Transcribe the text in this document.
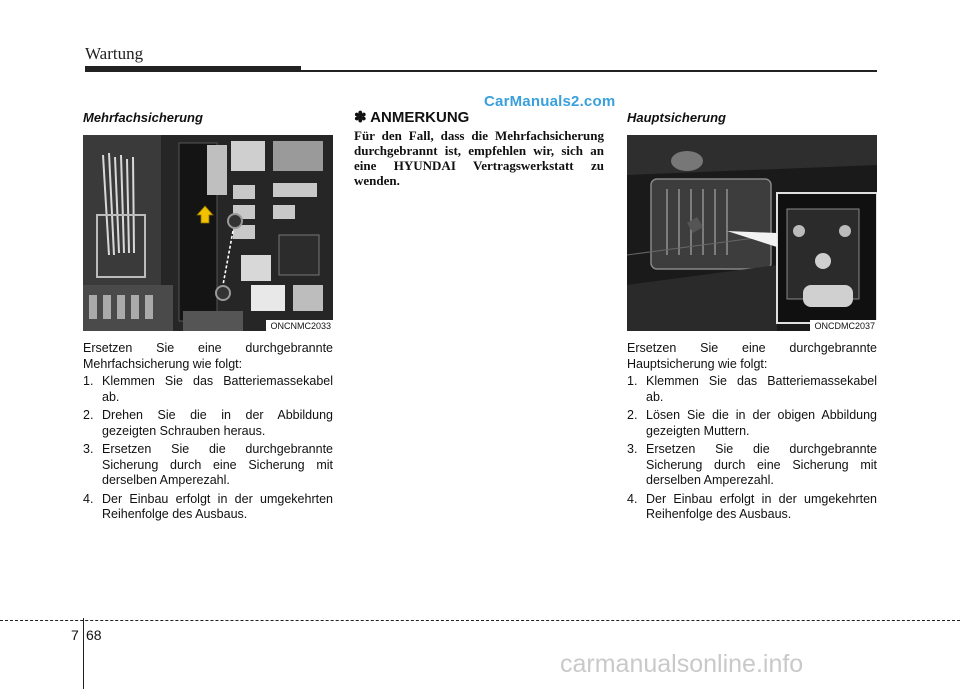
Wartung
CarManuals2.com
Mehrfachsicherung
ONCNMC2033

Ersetzen Sie eine durchgebrannte Mehrfachsicherung wie folgt:

1. Klemmen Sie das Batteriemassekabel ab.
2. Drehen Sie die in der Abbildung gezeigten Schrauben heraus.
3. Ersetzen Sie die durchgebrannte Sicherung durch eine Sicherung mit derselben Amperezahl.
4. Der Einbau erfolgt in der umgekehrten Reihenfolge des Ausbaus.
✽ ANMERKUNG

Für den Fall, dass die Mehrfachsicherung durchgebrannt ist, empfehlen wir, sich an eine HYUNDAI Vertragswerkstatt zu wenden.

Hauptsicherung
ONCDMC2037

Ersetzen Sie eine durchgebrannte Hauptsicherung wie folgt:

1. Klemmen Sie das Batteriemassekabel ab.
2. Lösen Sie die in der obigen Abbildung gezeigten Muttern.
3. Ersetzen Sie die durchgebrannte Sicherung durch eine Sicherung mit derselben Amperezahl.
4. Der Einbau erfolgt in der umgekehrten Reihenfolge des Ausbaus.
7 68
carmanualsonline.info
